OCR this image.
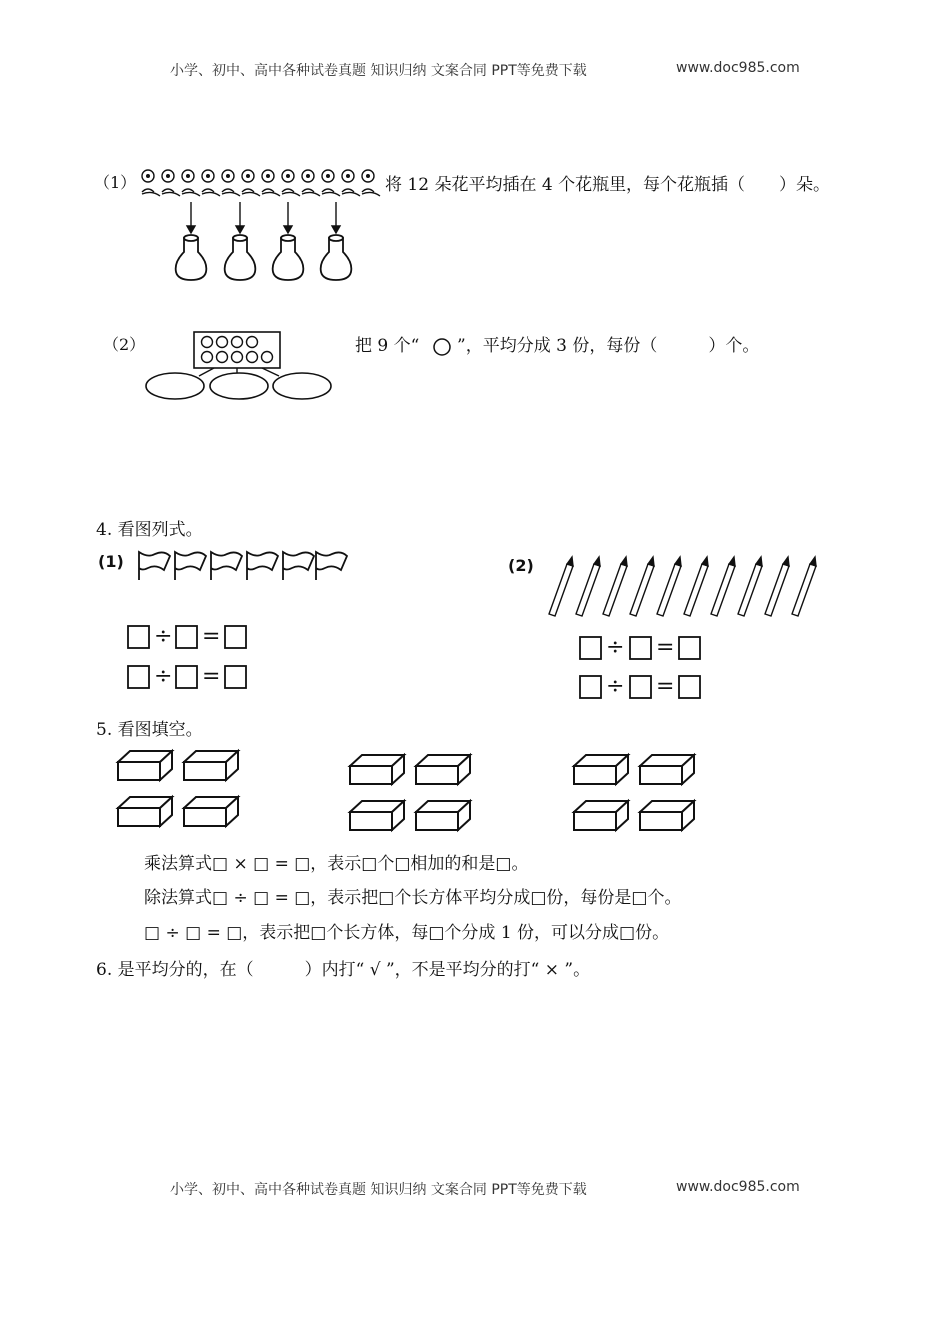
小学、初中、高中各种试卷真题 知识归纳 文案合同 PPT等免费下载	www.doc985.com
（1）	将 12 朵花平均插在 4 个花瓶里，每个花瓶插（　　）朵。
（2）	把 9 个“ ”，平均分成 3 份，每份（　　　）个。
4. 看图列式。
(1)
÷ =
÷ =
(2)
÷ =
÷ =
5. 看图填空。
乘法算式□ × □ = □，表示□个□相加的和是□。
除法算式□ ÷ □ = □，表示把□个长方体平均分成□份，每份是□个。
□ ÷ □ = □，表示把□个长方体，每□个分成 1 份，可以分成□份。
6. 是平均分的，在（　　　）内打“ √ ”，不是平均分的打“ × ”。
小学、初中、高中各种试卷真题 知识归纳 文案合同 PPT等免费下载	www.doc985.com
